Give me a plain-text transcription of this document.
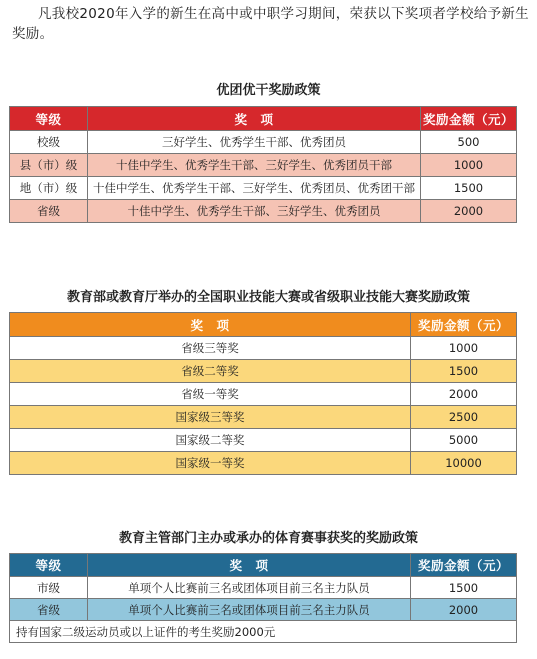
凡我校2020年入学的新生在高中或中职学习期间，荣获以下奖项者学校给予新生奖励。
优团优干奖励政策
等级	奖　项	奖励金额（元）
校级	三好学生、优秀学生干部、优秀团员	500
县（市）级	十佳中学生、优秀学生干部、三好学生、优秀团员干部	1000
地（市）级	十佳中学生、优秀学生干部、三好学生、优秀团员、优秀团干部	1500
省级	十佳中学生、优秀学生干部、三好学生、优秀团员	2000
教育部或教育厅举办的全国职业技能大赛或省级职业技能大赛奖励政策
奖　项	奖励金额（元）
省级三等奖	1000
省级二等奖	1500
省级一等奖	2000
国家级三等奖	2500
国家级二等奖	5000
国家级一等奖	10000
教育主管部门主办或承办的体育赛事获奖的奖励政策
等级	奖　项	奖励金额（元）
市级	单项个人比赛前三名或团体项目前三名主力队员	1500
省级	单项个人比赛前三名或团体项目前三名主力队员	2000
持有国家二级运动员或以上证件的考生奖励2000元		
